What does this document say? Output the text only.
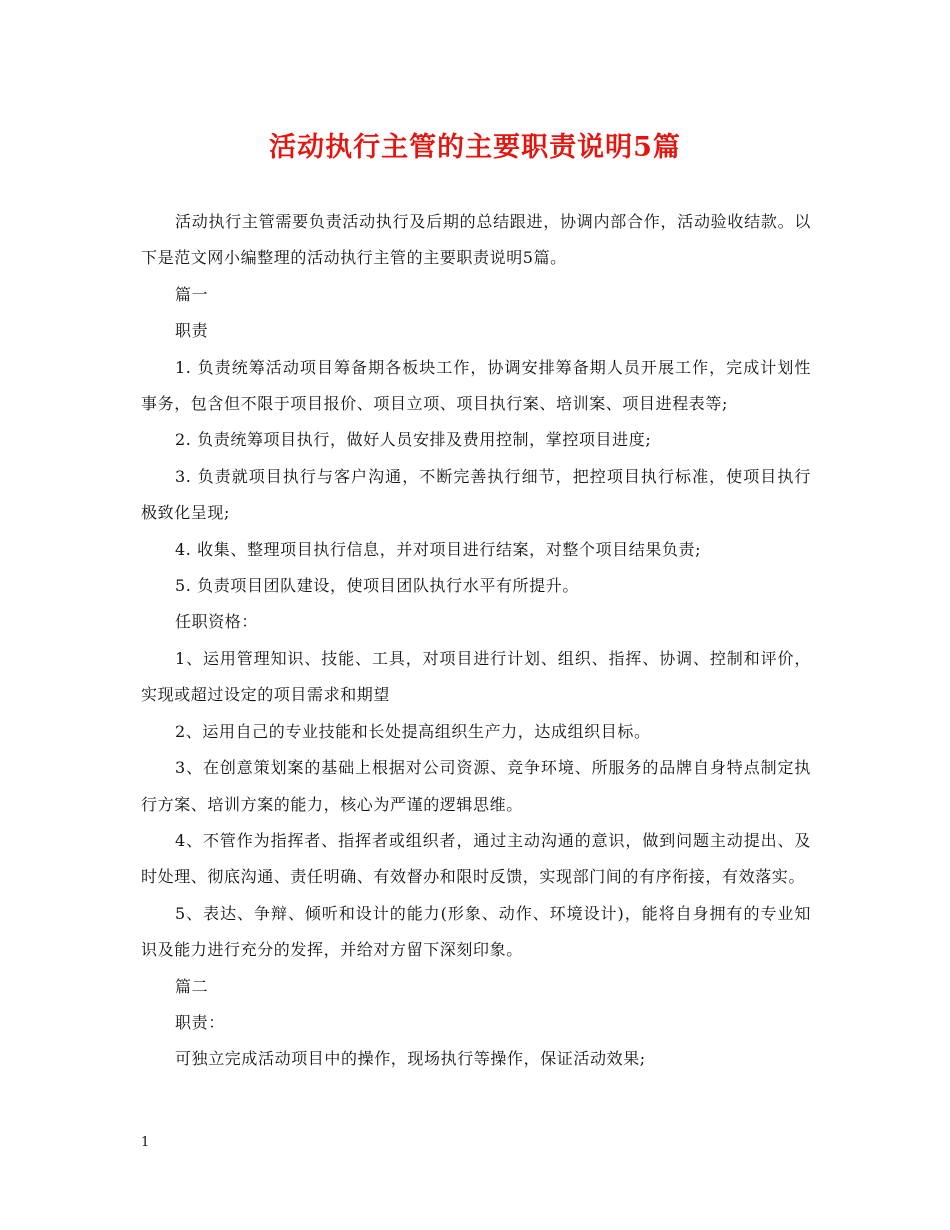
活动执行主管的主要职责说明5篇

活动执行主管需要负责活动执行及后期的总结跟进，协调内部合作，活动验收结款。以下是范文网小编整理的活动执行主管的主要职责说明5篇。

篇一

职责

1. 负责统筹活动项目筹备期各板块工作，协调安排筹备期人员开展工作，完成计划性事务，包含但不限于项目报价、项目立项、项目执行案、培训案、项目进程表等;

2. 负责统筹项目执行，做好人员安排及费用控制，掌控项目进度;

3. 负责就项目执行与客户沟通，不断完善执行细节，把控项目执行标准，使项目执行极致化呈现;

4. 收集、整理项目执行信息，并对项目进行结案，对整个项目结果负责;

5. 负责项目团队建设，使项目团队执行水平有所提升。

任职资格：

1、运用管理知识、技能、工具，对项目进行计划、组织、指挥、协调、控制和评价，实现或超过设定的项目需求和期望

2、运用自己的专业技能和长处提高组织生产力，达成组织目标。

3、在创意策划案的基础上根据对公司资源、竞争环境、所服务的品牌自身特点制定执行方案、培训方案的能力，核心为严谨的逻辑思维。

4、不管作为指挥者、指挥者或组织者，通过主动沟通的意识，做到问题主动提出、及时处理、彻底沟通、责任明确、有效督办和限时反馈，实现部门间的有序衔接，有效落实。

5、表达、争辩、倾听和设计的能力(形象、动作、环境设计)，能将自身拥有的专业知识及能力进行充分的发挥，并给对方留下深刻印象。

篇二

职责：

可独立完成活动项目中的操作，现场执行等操作，保证活动效果;

1
